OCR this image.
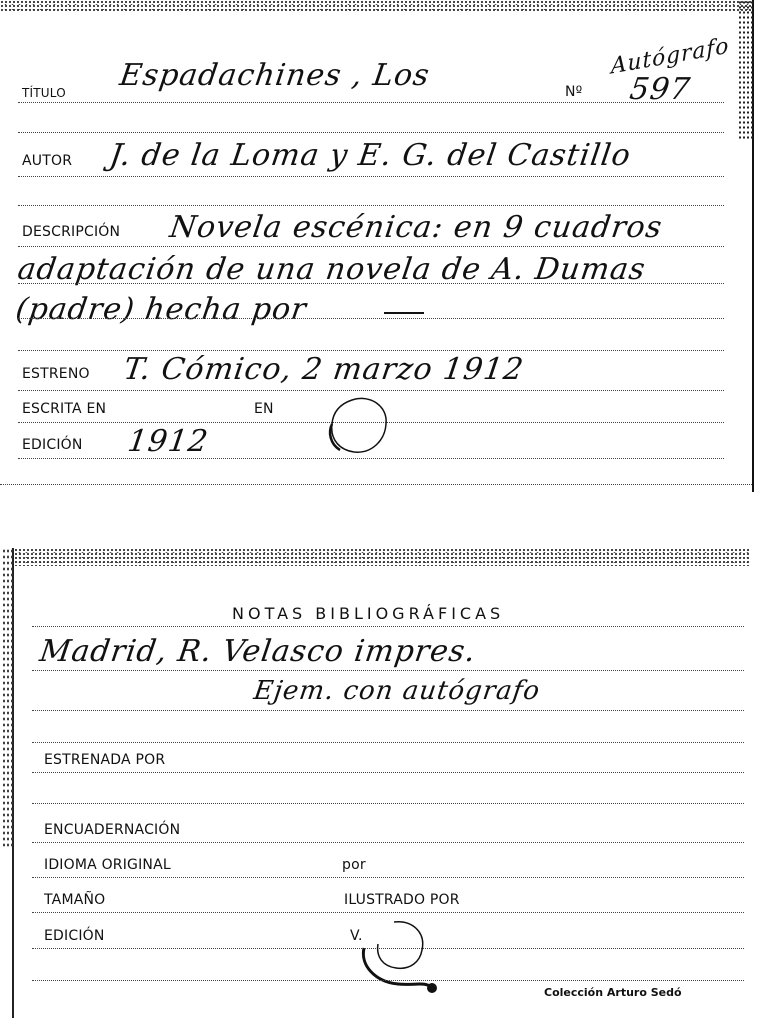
Autógrafo
TÍTULO Espadachines , Los	Nº 597
AUTOR J. de la Loma y E. G. del Castillo
DESCRIPCIÓN Novela escénica: en 9 cuadros
adaptación de una novela de A. Dumas
(padre) hecha por
ESTRENO T. Cómico, 2 marzo 1912
ESCRITA EN	EN
EDICIÓN 1912
NOTAS BIBLIOGRÁFICAS
Madrid, R. Velasco impres.
Ejem. con autógrafo
ESTRENADA POR
ENCUADERNACIÓN
IDIOMA ORIGINAL	por
TAMAÑO	ILUSTRADO POR
EDICIÓN	V.
Colección Arturo Sedó
